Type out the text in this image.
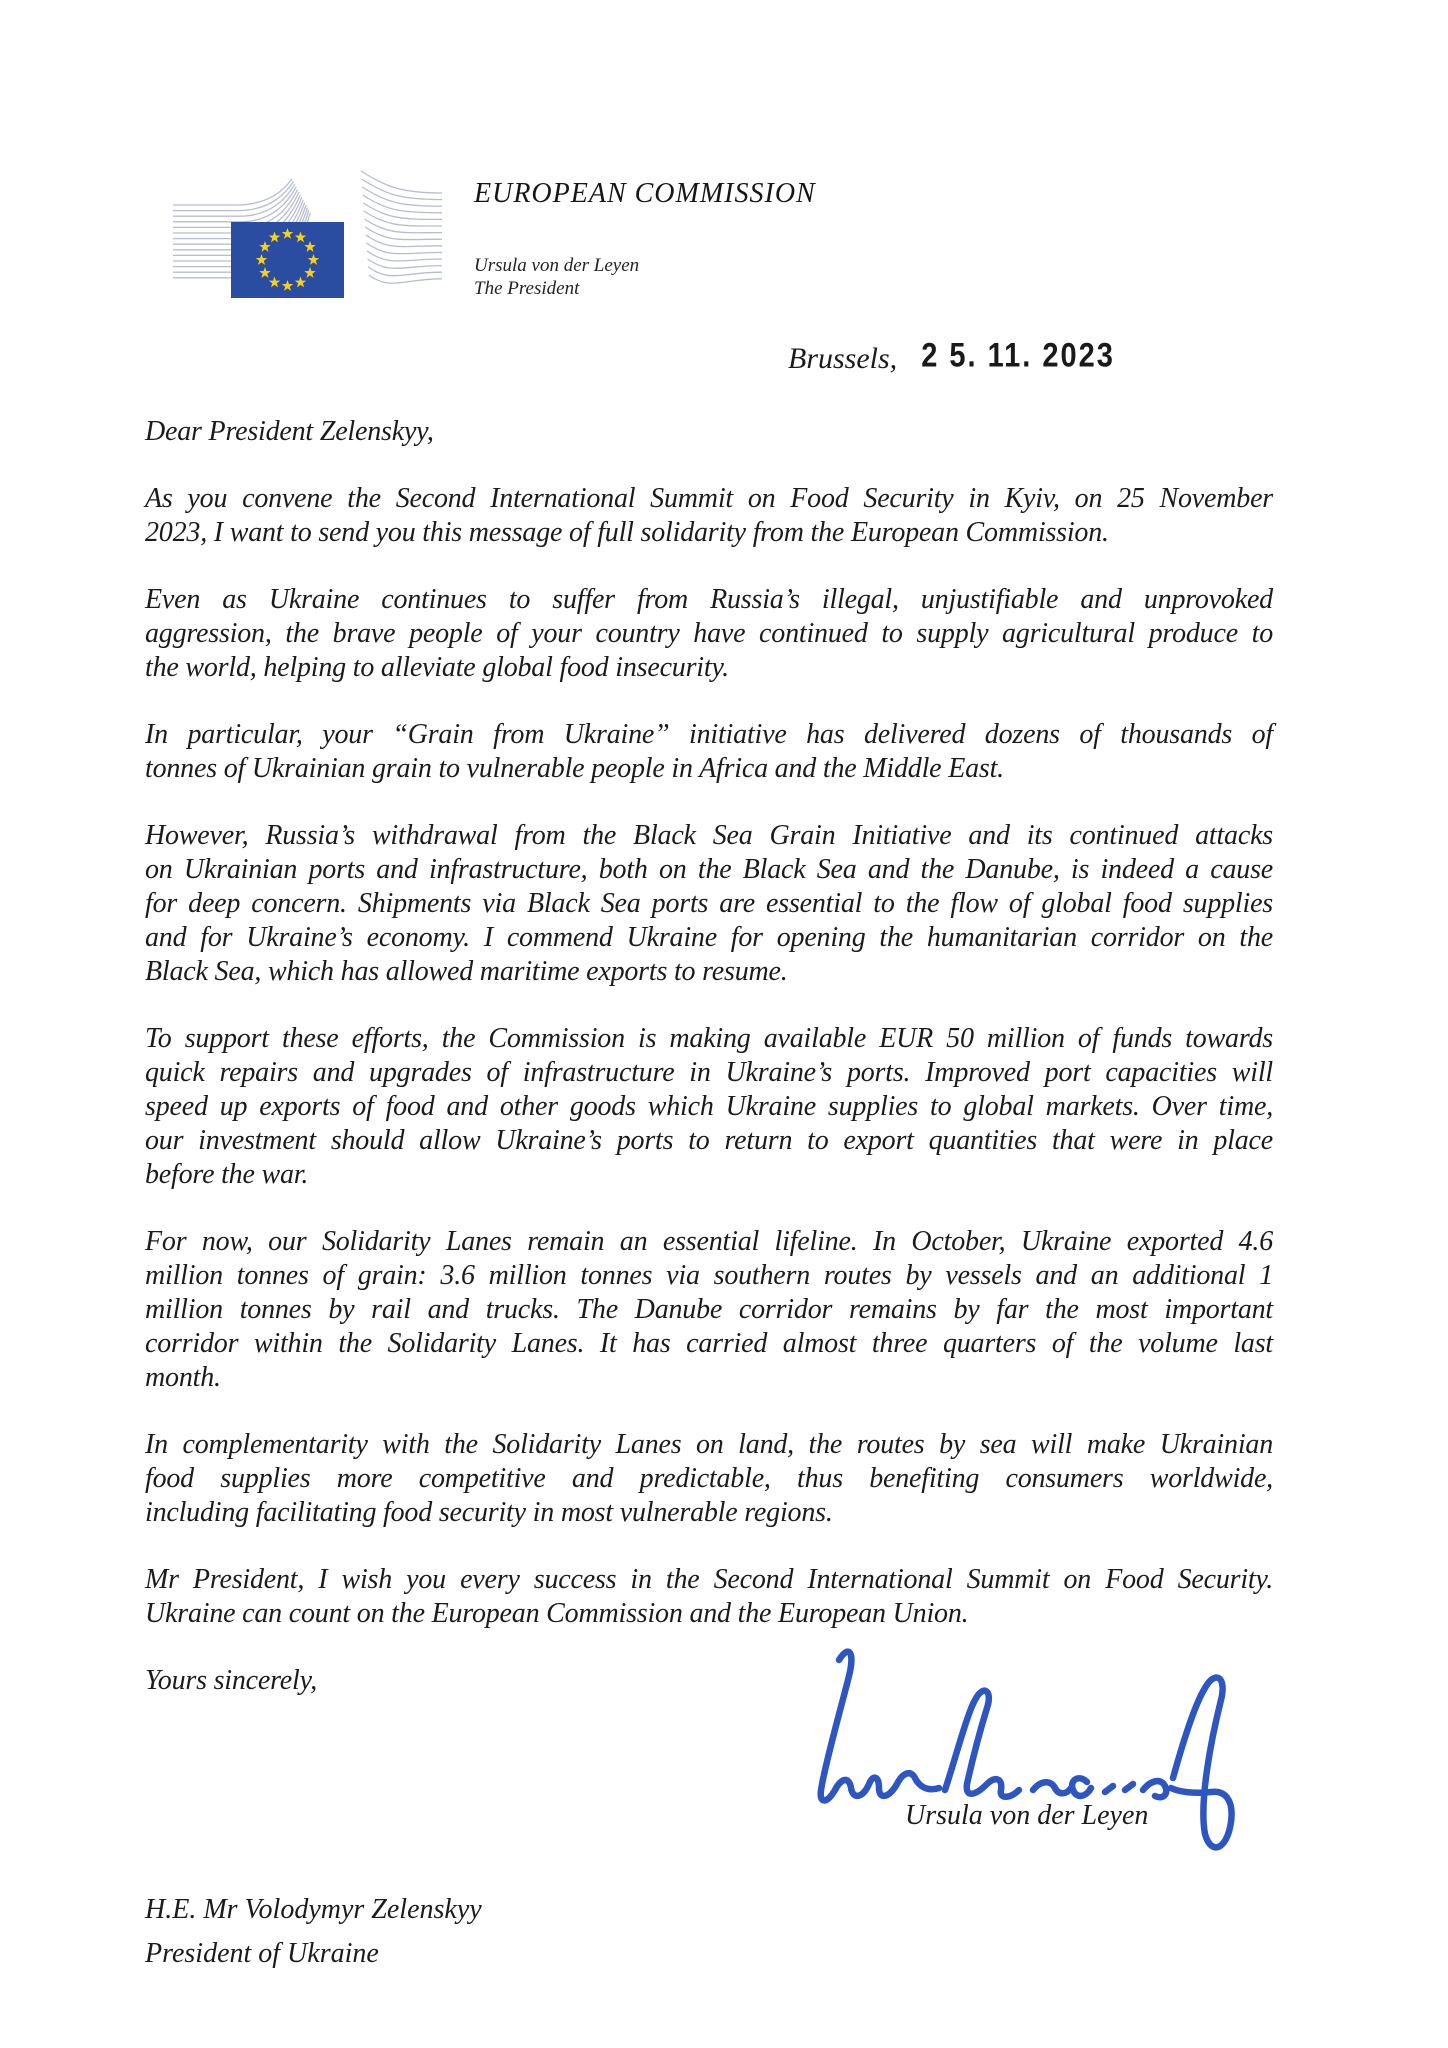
EUROPEAN COMMISSION
Ursula von der Leyen
The President
Brussels, 2 5. 11. 2023
Dear President Zelenskyy,
As you convene the Second International Summit on Food Security in Kyiv, on 25 November
2023, I want to send you this message of full solidarity from the European Commission.
Even as Ukraine continues to suffer from Russia’s illegal, unjustifiable and unprovoked
aggression, the brave people of your country have continued to supply agricultural produce to
the world, helping to alleviate global food insecurity.
In particular, your “Grain from Ukraine” initiative has delivered dozens of thousands of
tonnes of Ukrainian grain to vulnerable people in Africa and the Middle East.
However, Russia’s withdrawal from the Black Sea Grain Initiative and its continued attacks
on Ukrainian ports and infrastructure, both on the Black Sea and the Danube, is indeed a cause
for deep concern. Shipments via Black Sea ports are essential to the flow of global food supplies
and for Ukraine’s economy. I commend Ukraine for opening the humanitarian corridor on the
Black Sea, which has allowed maritime exports to resume.
To support these efforts, the Commission is making available EUR 50 million of funds towards
quick repairs and upgrades of infrastructure in Ukraine’s ports. Improved port capacities will
speed up exports of food and other goods which Ukraine supplies to global markets. Over time,
our investment should allow Ukraine’s ports to return to export quantities that were in place
before the war.
For now, our Solidarity Lanes remain an essential lifeline. In October, Ukraine exported 4.6
million tonnes of grain: 3.6 million tonnes via southern routes by vessels and an additional 1
million tonnes by rail and trucks. The Danube corridor remains by far the most important
corridor within the Solidarity Lanes. It has carried almost three quarters of the volume last
month.
In complementarity with the Solidarity Lanes on land, the routes by sea will make Ukrainian
food supplies more competitive and predictable, thus benefiting consumers worldwide,
including facilitating food security in most vulnerable regions.
Mr President, I wish you every success in the Second International Summit on Food Security.
Ukraine can count on the European Commission and the European Union.
Yours sincerely,
Ursula von der Leyen
H.E. Mr Volodymyr Zelenskyy
President of Ukraine
